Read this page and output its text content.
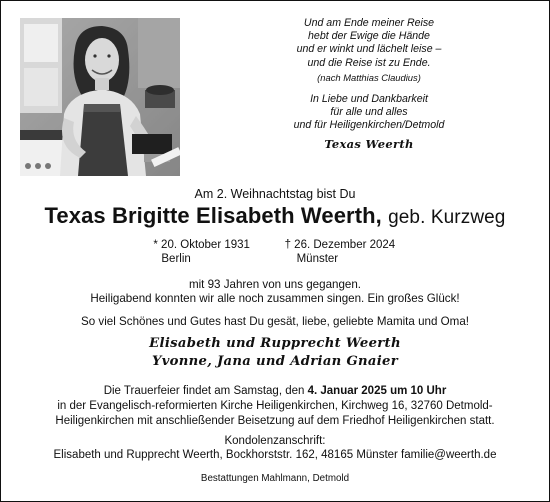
Und am Ende meiner Reise
hebt der Ewige die Hände
und er winkt und lächelt leise –
und die Reise ist zu Ende.
(nach Matthias Claudius)
In Liebe und Dankbarkeit
für alle und alles
und für Heiligenkirchen/Detmold
Texas Weerth
Am 2. Weihnachtstag bist Du
Texas Brigitte Elisabeth Weerth, geb. Kurzweg
* 20. Oktober 1931
Berlin † 26. Dezember 2024
Münster
mit 93 Jahren von uns gegangen.
Heiligabend konnten wir alle noch zusammen singen. Ein großes Glück!
So viel Schönes und Gutes hast Du gesät, liebe, geliebte Mamita und Oma!
Elisabeth und Rupprecht Weerth
Yvonne, Jana und Adrian Gnaier
Die Trauerfeier findet am Samstag, den 4. Januar 2025 um 10 Uhr
in der Evangelisch-reformierten Kirche Heiligenkirchen, Kirchweg 16, 32760 Detmold-
Heiligenkirchen mit anschließender Beisetzung auf dem Friedhof Heiligenkirchen statt.
Kondolenzanschrift:
Elisabeth und Rupprecht Weerth, Bockhorststr. 162, 48165 Münster familie@weerth.de
Bestattungen Mahlmann, Detmold
